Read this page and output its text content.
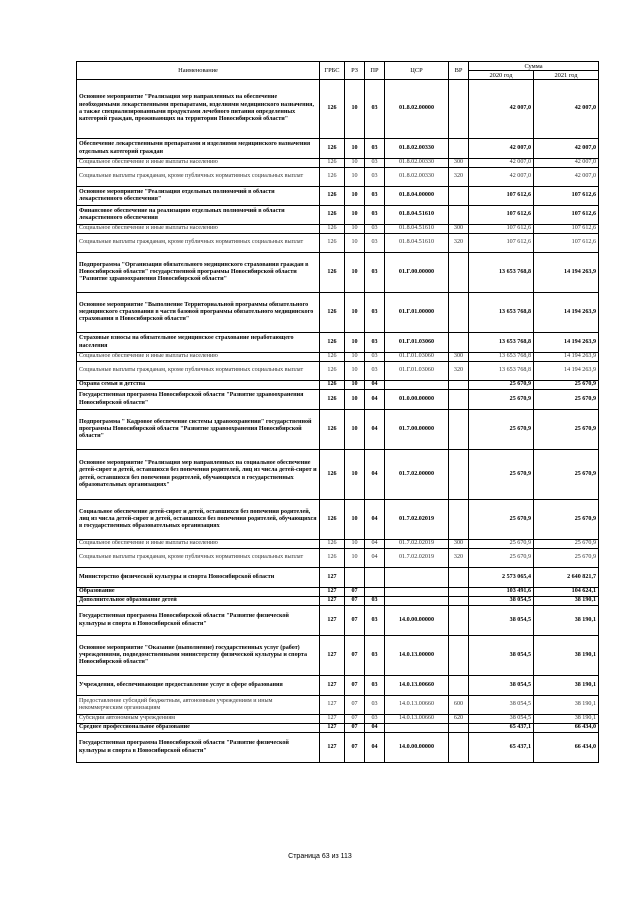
Наименование	ГРБС	РЗ	ПР	ЦСР	ВР	Сумма	
						2020 год	2021 год
Основное мероприятие "Реализация мер направленных на обеспечение необходимыми лекарственными препаратами, изделиями медицинского назначения, а также специализированными продуктами лечебного питания определенных категорий граждан, проживающих на территории Новосибирской области"	126	10	03	01.8.02.00000		42 007,0	42 007,0
Обеспечение лекарственными препаратами и изделиями медицинского назначения отдельных категорий граждан	126	10	03	01.8.02.00330		42 007,0	42 007,0
Социальное обеспечение и иные выплаты населению	126	10	03	01.8.02.00330	300	42 007,0	42 007,0
Социальные выплаты гражданам, кроме публичных нормативных социальных выплат	126	10	03	01.8.02.00330	320	42 007,0	42 007,0
Основное мероприятие "Реализация отдельных полномочий в области лекарственного обеспечения"	126	10	03	01.8.04.00000		107 612,6	107 612,6
Финансовое обеспечение на реализацию отдельных полномочий в области лекарственного обеспечения	126	10	03	01.8.04.51610		107 612,6	107 612,6
Социальное обеспечение и иные выплаты населению	126	10	03	01.8.04.51610	300	107 612,6	107 612,6
Социальные выплаты гражданам, кроме публичных нормативных социальных выплат	126	10	03	01.8.04.51610	320	107 612,6	107 612,6
Подпрограмма "Организация обязательного медицинского страхования граждан в Новосибирской области" государственной программы Новосибирской области "Развитие здравоохранения Новосибирской области"	126	10	03	01.Г.00.00000		13 653 768,8	14 194 263,9
Основное мероприятие "Выполнение Территориальной программы обязательного медицинского страхования в части базовой программы обязательного медицинского страхования в Новосибирской области"	126	10	03	01.Г.01.00000		13 653 768,8	14 194 263,9
Страховые взносы на обязательное медицинское страхование неработающего населения	126	10	03	01.Г.01.03060		13 653 768,8	14 194 263,9
Социальное обеспечение и иные выплаты населению	126	10	03	01.Г.01.03060	300	13 653 768,8	14 194 263,9
Социальные выплаты гражданам, кроме публичных нормативных социальных выплат	126	10	03	01.Г.01.03060	320	13 653 768,8	14 194 263,9
Охрана семьи и детства	126	10	04			25 670,9	25 670,9
Государственная программа Новосибирской области "Развитие здравоохранения Новосибирской области"	126	10	04	01.0.00.00000		25 670,9	25 670,9
Подпрограмма " Кадровое обеспечение системы здравоохранения" государственной программы Новосибирской области "Развитие здравоохранения Новосибирской области"	126	10	04	01.7.00.00000		25 670,9	25 670,9
Основное мероприятие "Реализация мер направленных на социальное обеспечение детей-сирот и детей, оставшихся без попечения родителей, лиц из числа детей-сирот и детей, оставшихся без попечения родителей, обучающихся в государственных образовательных организациях"	126	10	04	01.7.02.00000		25 670,9	25 670,9
Социальное обеспечение детей-сирот и детей, оставшихся без попечения родителей, лиц из числа детей-сирот и детей, оставшихся без попечения родителей, обучающихся в государственных образовательных организациях	126	10	04	01.7.02.02019		25 670,9	25 670,9
Социальное обеспечение и иные выплаты населению	126	10	04	01.7.02.02019	300	25 670,9	25 670,9
Социальные выплаты гражданам, кроме публичных нормативных социальных выплат	126	10	04	01.7.02.02019	320	25 670,9	25 670,9
Министерство физической культуры и спорта Новосибирской области	127					2 573 065,4	2 640 821,7
Образование	127	07				103 491,6	104 624,1
Дополнительное образование детей	127	07	03			38 054,5	38 190,1
Государственная программа Новосибирской области "Развитие физической культуры и спорта в Новосибирской области"	127	07	03	14.0.00.00000		38 054,5	38 190,1
Основное мероприятие "Оказание (выполнение) государственных услуг (работ) учреждениями, подведомственными министерству физической культуры и спорта Новосибирской области"	127	07	03	14.0.13.00000		38 054,5	38 190,1
Учреждения, обеспечивающие предоставление услуг в сфере образования	127	07	03	14.0.13.00660		38 054,5	38 190,1
Предоставление субсидий бюджетным, автономным учреждениям и иным некоммерческим организациям	127	07	03	14.0.13.00660	600	38 054,5	38 190,1
Субсидии автономным учреждениям	127	07	03	14.0.13.00660	620	38 054,5	38 190,1
Среднее профессиональное образование	127	07	04			65 437,1	66 434,0
Государственная программа Новосибирской области "Развитие физической культуры и спорта в Новосибирской области"	127	07	04	14.0.00.00000		65 437,1	66 434,0
Страница 63 из 113
